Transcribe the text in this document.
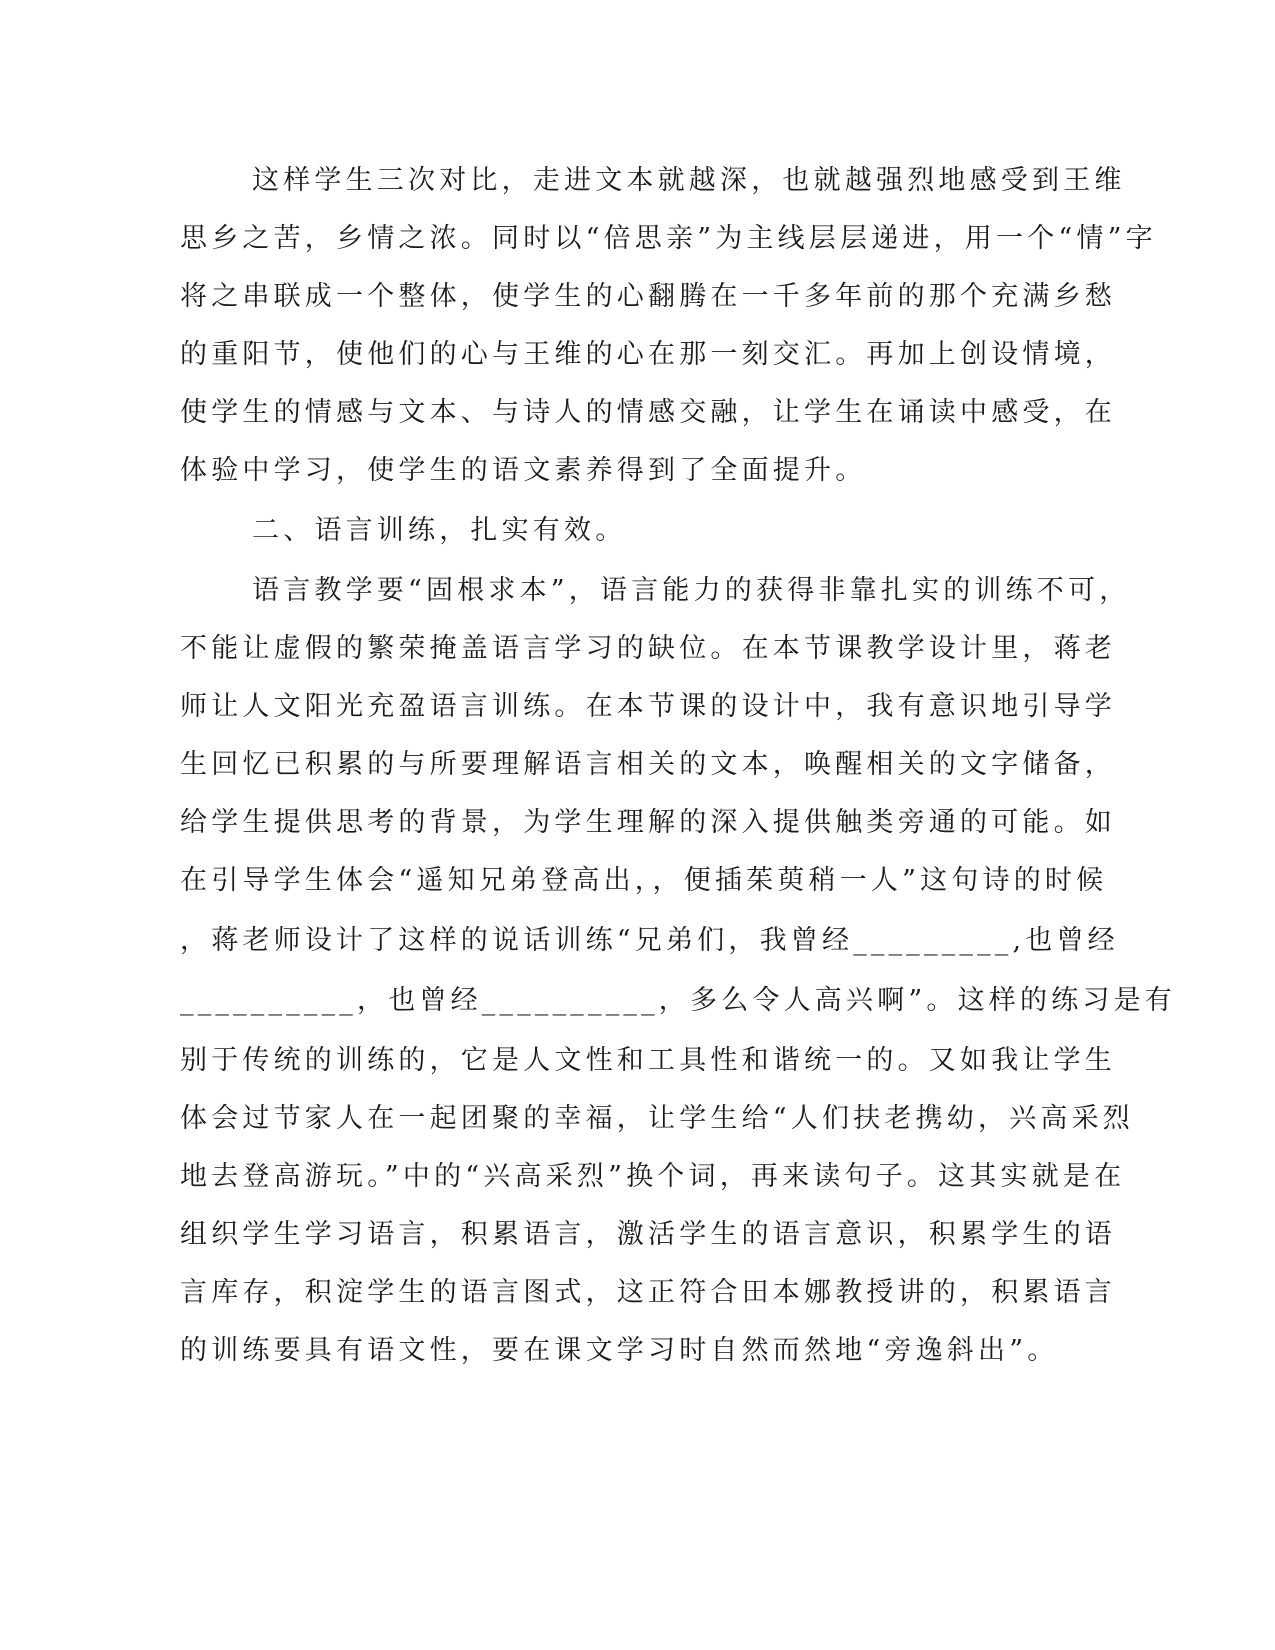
这样学生三次对比，走进文本就越深，也就越强烈地感受到王维
思乡之苦，乡情之浓。同时以“倍思亲”为主线层层递进，用一个“情”字
将之串联成一个整体，使学生的心翻腾在一千多年前的那个充满乡愁
的重阳节，使他们的心与王维的心在那一刻交汇。再加上创设情境，
使学生的情感与文本、与诗人的情感交融，让学生在诵读中感受，在
体验中学习，使学生的语文素养得到了全面提升。
二、语言训练，扎实有效。
语言教学要“固根求本”，语言能力的获得非靠扎实的训练不可，
不能让虚假的繁荣掩盖语言学习的缺位。在本节课教学设计里，蒋老
师让人文阳光充盈语言训练。在本节课的设计中，我有意识地引导学
生回忆已积累的与所要理解语言相关的文本，唤醒相关的文字储备，
给学生提供思考的背景，为学生理解的深入提供触类旁通的可能。如
在引导学生体会“遥知兄弟登高出，，便插茱萸稍一人”这句诗的时候
，蒋老师设计了这样的说话训练“兄弟们，我曾经_________,也曾经
__________，也曾经__________，多么令人高兴啊”。这样的练习是有
别于传统的训练的，它是人文性和工具性和谐统一的。又如我让学生
体会过节家人在一起团聚的幸福，让学生给“人们扶老携幼，兴高采烈
地去登高游玩。”中的“兴高采烈”换个词，再来读句子。这其实就是在
组织学生学习语言，积累语言，激活学生的语言意识，积累学生的语
言库存，积淀学生的语言图式，这正符合田本娜教授讲的，积累语言
的训练要具有语文性，要在课文学习时自然而然地“旁逸斜出”。
